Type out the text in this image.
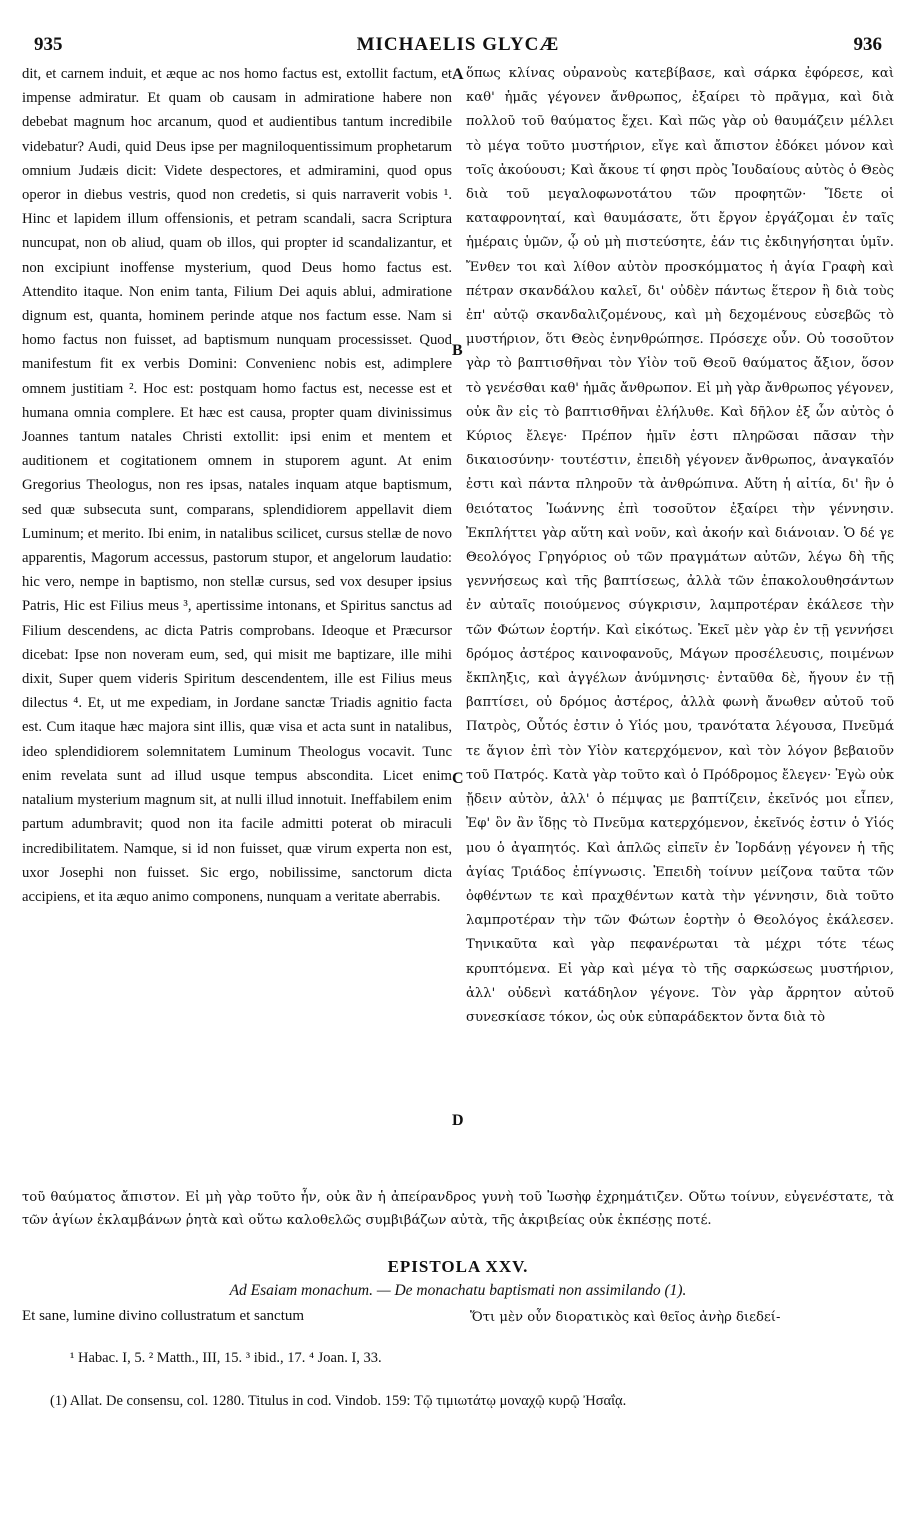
935	MICHAELIS GLYCÆ	936

dit, et carnem induit, et æque ac nos homo factus est, extollit factum, et impense admiratur. Et quam ob causam in admiratione habere non debebat magnum hoc arcanum, quod et audientibus tantum incredibile videbatur? Audi, quid Deus ipse per magniloquentissimum prophetarum omnium Judæis dicit: Videte despectores, et admiramini, quod opus operor in diebus vestris, quod non credetis, si quis narraverit vobis ¹. Hinc et lapidem illum offensionis, et petram scandali, sacra Scriptura nuncupat, non ob aliud, quam ob illos, qui propter id scandalizantur, et non excipiunt inoffense mysterium, quod Deus homo factus est. Attendito itaque. Non enim tanta, Filium Dei aquis ablui, admiratione dignum est, quanta, hominem perinde atque nos factum esse. Nam si homo factus non fuisset, ad baptismum nunquam processisset. Quod manifestum fit ex verbis Domini: Convenienс nobis est, adimplere omnem justitiam ². Hoc est: postquam homo factus est, necesse est et humana omnia complere. Et hæc est causa, propter quam divinissimus Joannes tantum natales Christi extollit: ipsi enim et mentem et auditionem et cogitationem omnem in stuporem agunt. At enim Gregorius Theologus, non res ipsas, natales inquam atque baptismum, sed quæ subsecuta sunt, comparans, splendidiorem appellavit diem Luminum; et merito. Ibi enim, in natalibus scilicet, cursus stellæ de novo apparentis, Magorum accessus, pastorum stupor, et angelorum laudatio: hic vero, nempe in baptismo, non stellæ cursus, sed vox desuper ipsius Patris, Hic est Filius meus ³, apertissime intonans, et Spiritus sanctus ad Filium descendens, ac dicta Patris comprobans. Ideoque et Præcursor dicebat: Ipse non noveram eum, sed, qui misit me baptizare, ille mihi dixit, Super quem videris Spiritum descendentem, ille est Filius meus dilectus ⁴. Et, ut me expediam, in Jordane sanctæ Triadis agnitio facta est. Cum itaque hæc majora sint illis, quæ visa et acta sunt in natalibus, ideo splendidiorem solemnitatem Luminum Theologus vocavit. Tunc enim revelata sunt ad illud usque tempus abscondita. Licet enim natalium mysterium magnum sit, at nulli illud innotuit. Ineffabilem enim partum adumbravit; quod non ita facile admitti poterat ob miraculi incredibilitatem. Namque, si id non fuisset, quæ virum experta non est, uxor Josephi non fuisset. Sic ergo, nobilissime, sanctorum dicta accipiens, et ita æquo animo componens, nunquam a veritate aberrabis.

ὅπως κλίνας οὐρανοὺς κατεβίβασε, καὶ σάρκα ἐφόρεσε, καὶ καθ' ἡμᾶς γέγονεν ἄνθρωπος, ἐξαίρει τὸ πρᾶγμα, καὶ διὰ πολλοῦ τοῦ θαύματος ἔχει. Καὶ πῶς γὰρ οὐ θαυμάζειν μέλλει τὸ μέγα τοῦτο μυστήριον, εἴγε καὶ ἄπιστον ἐδόκει μόνον καὶ τοῖς ἀκούουσι; Καὶ ἄκουε τί φησι πρὸς Ἰουδαίους αὐτὸς ὁ Θεὸς διὰ τοῦ μεγαλοφωνοτάτου τῶν προφητῶν· Ἴδετε οἱ καταφρονηταί, καὶ θαυμάσατε, ὅτι ἔργον ἐργάζομαι ἐν ταῖς ἡμέραις ὑμῶν, ᾧ οὐ μὴ πιστεύσητε, ἐάν τις ἐκδιηγήσηται ὑμῖν. Ἔνθεν τοι καὶ λίθον αὐτὸν προσκόμματος ἡ ἁγία Γραφὴ καὶ πέτραν σκανδάλου καλεῖ, δι' οὐδὲν πάντως ἕτερον ἢ διὰ τοὺς ἐπ' αὐτῷ σκανδαλιζομένους, καὶ μὴ δεχομένους εὐσεβῶς τὸ μυστήριον, ὅτι Θεὸς ἐνηνθρώπησε. Πρόσεχε οὖν. Οὐ τοσοῦτον γὰρ τὸ βαπτισθῆναι τὸν Υἱὸν τοῦ Θεοῦ θαύματος ἄξιον, ὅσον τὸ γενέσθαι καθ' ἡμᾶς ἄνθρωπον. Εἰ μὴ γὰρ ἄνθρωπος γέγονεν, οὐκ ἂν εἰς τὸ βαπτισθῆναι ἐλήλυθε. Καὶ δῆλον ἐξ ὧν αὐτὸς ὁ Κύριος ἔλεγε· Πρέπον ἡμῖν ἐστι πληρῶσαι πᾶσαν τὴν δικαιοσύνην· τουτέστιν, ἐπειδὴ γέγονεν ἄνθρωπος, ἀναγκαῖόν ἐστι καὶ πάντα πληροῦν τὰ ἀνθρώπινα. Αὕτη ἡ αἰτία, δι' ἣν ὁ θειότατος Ἰωάννης ἐπὶ τοσοῦτον ἐξαίρει τὴν γέννησιν. Ἐκπλήττει γὰρ αὕτη καὶ νοῦν, καὶ ἀκοήν καὶ διάνοιαν. Ὁ δέ γε Θεολόγος Γρηγόριος οὐ τῶν πραγμάτων αὐτῶν, λέγω δὴ τῆς γεννήσεως καὶ τῆς βαπτίσεως, ἀλλὰ τῶν ἐπακολουθησάντων ἐν αὐταῖς ποιούμενος σύγκρισιν, λαμπροτέραν ἐκάλεσε τὴν τῶν Φώτων ἑορτήν. Καὶ εἰκότως. Ἐκεῖ μὲν γὰρ ἐν τῇ γεννήσει δρόμος ἀστέρος καινοφανοῦς, Μάγων προσέλευσις, ποιμένων ἔκπληξις, καὶ ἀγγέλων ἀνύμνησις· ἐνταῦθα δὲ, ἤγουν ἐν τῇ βαπτίσει, οὐ δρόμος ἀστέρος, ἀλλὰ φωνὴ ἄνωθεν αὐτοῦ τοῦ Πατρὸς, Οὗτός ἐστιν ὁ Υἱός μου, τρανότατα λέγουσα, Πνεῦμά τε ἅγιον ἐπὶ τὸν Υἱὸν κατερχόμενον, καὶ τὸν λόγον βεβαιοῦν τοῦ Πατρός. Κατὰ γὰρ τοῦτο καὶ ὁ Πρόδρομος ἔλεγεν· Ἐγὼ οὐκ ᾔδειν αὐτὸν, ἀλλ' ὁ πέμψας με βαπτίζειν, ἐκεῖνός μοι εἶπεν, Ἐφ' ὃν ἂν ἴδῃς τὸ Πνεῦμα κατερχόμενον, ἐκεῖνός ἐστιν ὁ Υἱός μου ὁ ἀγαπητός. Καὶ ἁπλῶς εἰπεῖν ἐν Ἰορδάνῃ γέγονεν ἡ τῆς ἁγίας Τριάδος ἐπίγνωσις. Ἐπειδὴ τοίνυν μείζονα ταῦτα τῶν ὀφθέντων τε καὶ πραχθέντων κατὰ τὴν γέννησιν, διὰ τοῦτο λαμπροτέραν τὴν τῶν Φώτων ἑορτὴν ὁ Θεολόγος ἐκάλεσεν. Τηνικαῦτα καὶ γὰρ πεφανέρωται τὰ μέχρι τότε τέως κρυπτόμενα. Εἰ γὰρ καὶ μέγα τὸ τῆς σαρκώσεως μυστήριον, ἀλλ' οὐδενὶ κατάδηλον γέγονε. Τὸν γὰρ ἄρρητον αὐτοῦ συνεσκίασε τόκον, ὡς οὐκ εὐπαράδεκτον ὄντα διὰ τὸ

A
B
C
D

τοῦ θαύματος ἄπιστον. Εἰ μὴ γὰρ τοῦτο ἦν, οὐκ ἂν ἡ ἀπείρανδρος γυνὴ τοῦ Ἰωσὴφ ἐχρημάτιζεν. Οὕτω τοίνυν, εὐγενέστατε, τὰ τῶν ἁγίων ἐκλαμβάνων ῥητὰ καὶ οὕτω καλοθελῶς συμβιβάζων αὐτὰ, τῆς ἀκριβείας οὐκ ἐκπέσῃς ποτέ.

EPISTOLA XXV.
Ad Esaiam monachum. — De monachatu baptismati non assimilando (1).
Et sane, lumine divino collustratum et sanctum	Ὅτι μὲν οὖν διορατικὸς καὶ θεῖος ἀνὴρ διεδεί-
¹ Habac. I, 5. ² Matth., III, 15. ³ ibid., 17. ⁴ Joan. I, 33.
(1) Allat. De consensu, col. 1280. Titulus in cod. Vindob. 159: Τῷ τιμιωτάτῳ μοναχῷ κυρῷ Ἠσαΐᾳ.
